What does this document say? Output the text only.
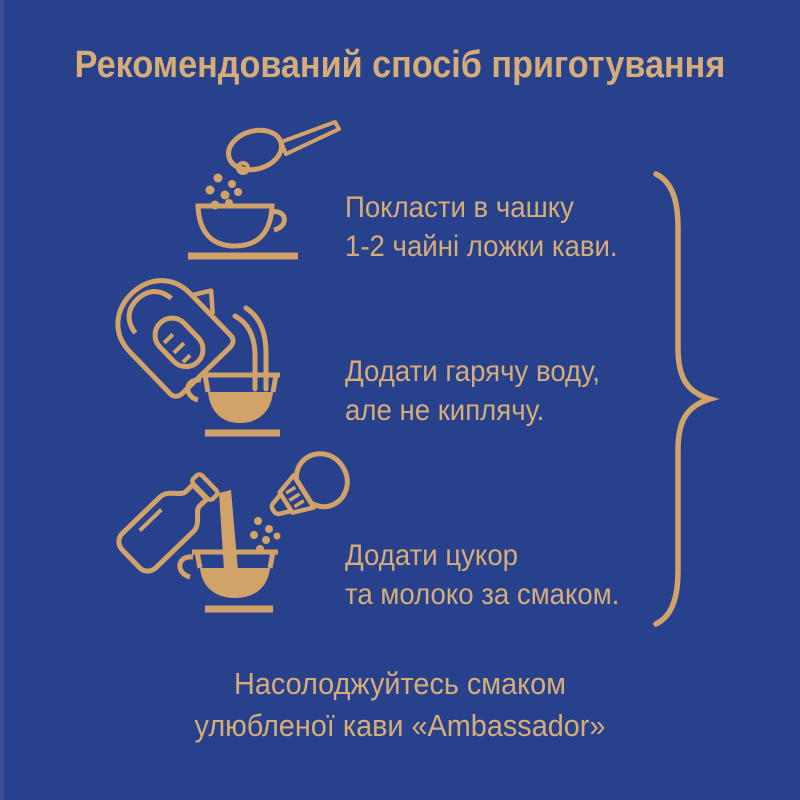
Рекомендований спосіб приготування
Покласти в чашку
1-2 чайні ложки кави.
Додати гарячу воду,
але не киплячу.
Додати цукор
та молоко за смаком.
Насолоджуйтесь смаком
улюбленої кави «Ambassador»
